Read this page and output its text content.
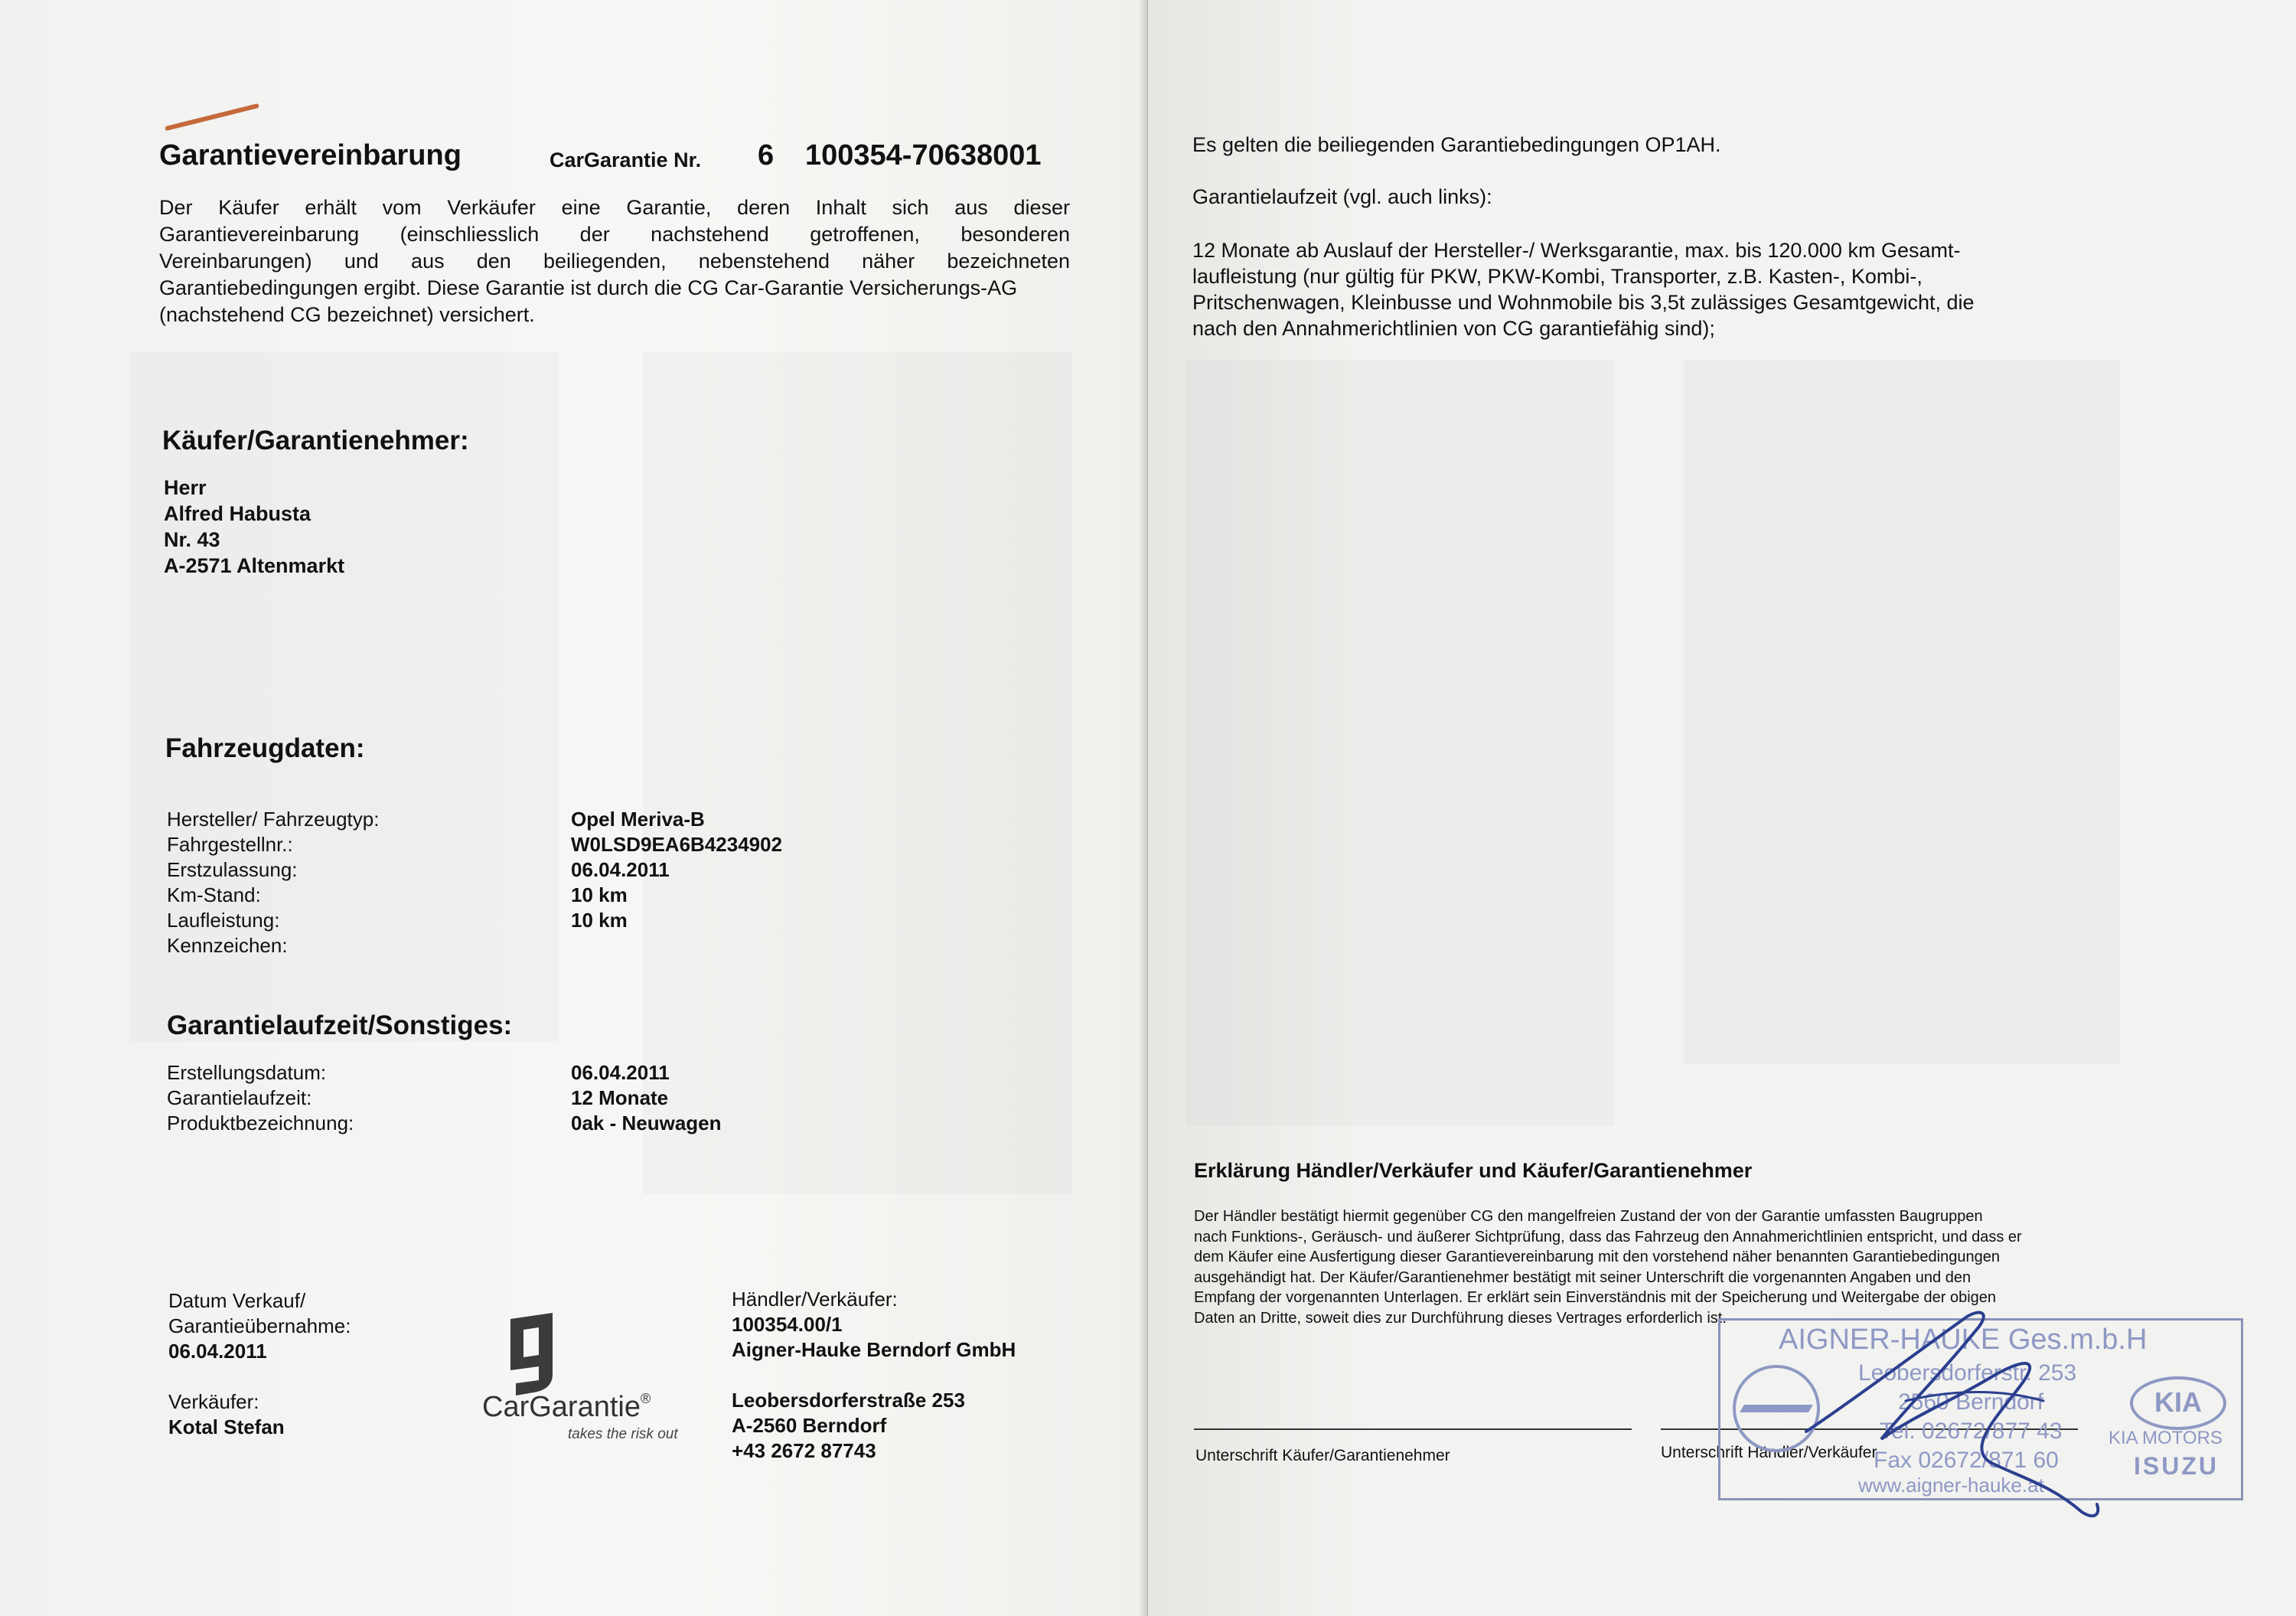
Garantievereinbarung	CarGarantie Nr. 6 100354-70638001
Der Käufer erhält vom Verkäufer eine Garantie, deren Inhalt sich aus dieser
Garantievereinbarung (einschliesslich der nachstehend getroffenen, besonderen
Vereinbarungen) und aus den beiliegenden, nebenstehend näher bezeichneten
Garantiebedingungen ergibt. Diese Garantie ist durch die CG Car-Garantie Versicherungs-AG
(nachstehend CG bezeichnet) versichert.
Käufer/Garantienehmer:
Herr
Alfred Habusta
Nr. 43
A-2571 Altenmarkt
Fahrzeugdaten:
Hersteller/ Fahrzeugtyp:	Opel Meriva-B
Fahrgestellnr.:	W0LSD9EA6B4234902
Erstzulassung:	06.04.2011
Km-Stand:	10 km
Laufleistung:	10 km
Kennzeichen:
Garantielaufzeit/Sonstiges:
Erstellungsdatum:	06.04.2011
Garantielaufzeit:	12 Monate
Produktbezeichnung:	0ak - Neuwagen
Datum Verkauf/
Garantieübernahme:
06.04.2011
Verkäufer:
Kotal Stefan
CarGarantie®
takes the risk out
Händler/Verkäufer:
100354.00/1
Aigner-Hauke Berndorf GmbH
Leobersdorferstraße 253
A-2560 Berndorf
+43 2672 87743
Es gelten die beiliegenden Garantiebedingungen OP1AH.
Garantielaufzeit (vgl. auch links):
12 Monate ab Auslauf der Hersteller-/ Werksgarantie, max. bis 120.000 km Gesamt-
laufleistung (nur gültig für PKW, PKW-Kombi, Transporter, z.B. Kasten-, Kombi-,
Pritschenwagen, Kleinbusse und Wohnmobile bis 3,5t zulässiges Gesamtgewicht, die
nach den Annahmerichtlinien von CG garantiefähig sind);
Erklärung Händler/Verkäufer und Käufer/Garantienehmer
Der Händler bestätigt hiermit gegenüber CG den mangelfreien Zustand der von der Garantie umfassten Baugruppen
nach Funktions-, Geräusch- und äußerer Sichtprüfung, dass das Fahrzeug den Annahmerichtlinien entspricht, und dass er
dem Käufer eine Ausfertigung dieser Garantievereinbarung mit den vorstehend näher benannten Garantiebedingungen
ausgehändigt hat. Der Käufer/Garantienehmer bestätigt mit seiner Unterschrift die vorgenannten Angaben und den
Empfang der vorgenannten Unterlagen. Er erklärt sein Einverständnis mit der Speicherung und Weitergabe der obigen
Daten an Dritte, soweit dies zur Durchführung dieses Vertrages erforderlich ist.
Unterschrift Käufer/Garantienehmer	Unterschrift Händler/Verkäufer
AIGNER-HAUKE Ges.m.b.H
Leobersdorferstr. 253
2560 Berndorf
Tel. 02672/877 43
Fax 02672/871 60
www.aigner-hauke.at
KIA
KIA MOTORS
ISUZU
